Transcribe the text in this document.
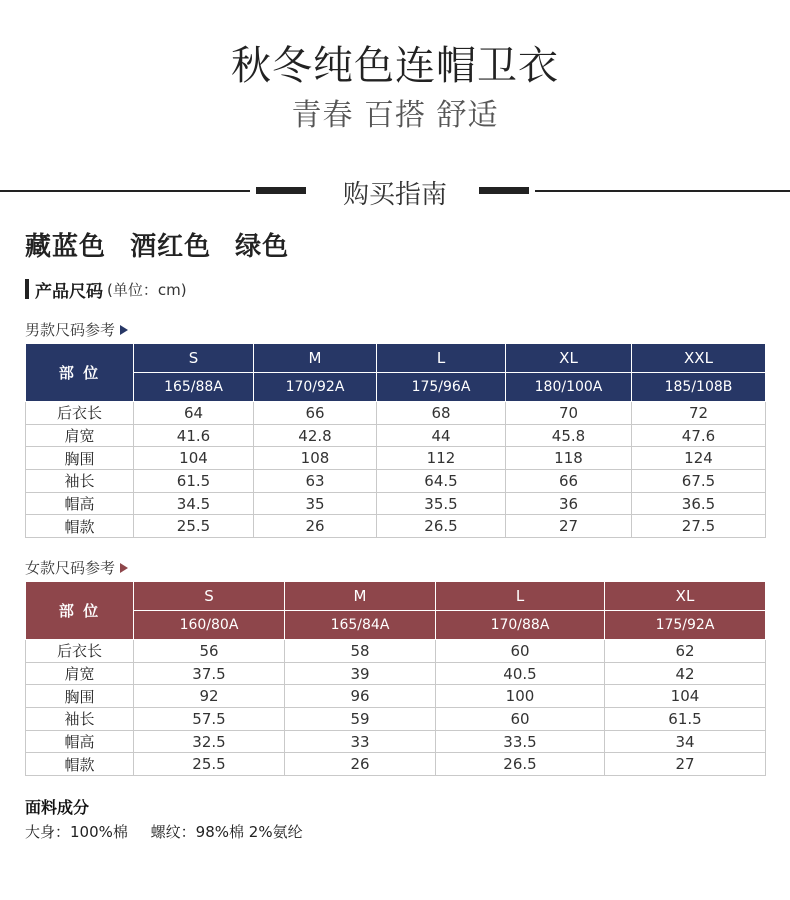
秋冬纯色连帽卫衣
青春 百搭 舒适
购买指南
藏蓝色 酒红色 绿色
产品尺码 (单位：cm)
男款尺码参考
部 位	S	M	L	XL	XXL
	165/88A	170/92A	175/96A	180/100A	185/108B
后衣长	64	66	68	70	72
肩宽	41.6	42.8	44	45.8	47.6
胸围	104	108	112	118	124
袖长	61.5	63	64.5	66	67.5
帽高	34.5	35	35.5	36	36.5
帽款	25.5	26	26.5	27	27.5
女款尺码参考
部 位	S	M	L	XL
	160/80A	165/84A	170/88A	175/92A
后衣长	56	58	60	62
肩宽	37.5	39	40.5	42
胸围	92	96	100	104
袖长	57.5	59	60	61.5
帽高	32.5	33	33.5	34
帽款	25.5	26	26.5	27
面料成分
大身：100%棉 螺纹：98%棉 2%氨纶
